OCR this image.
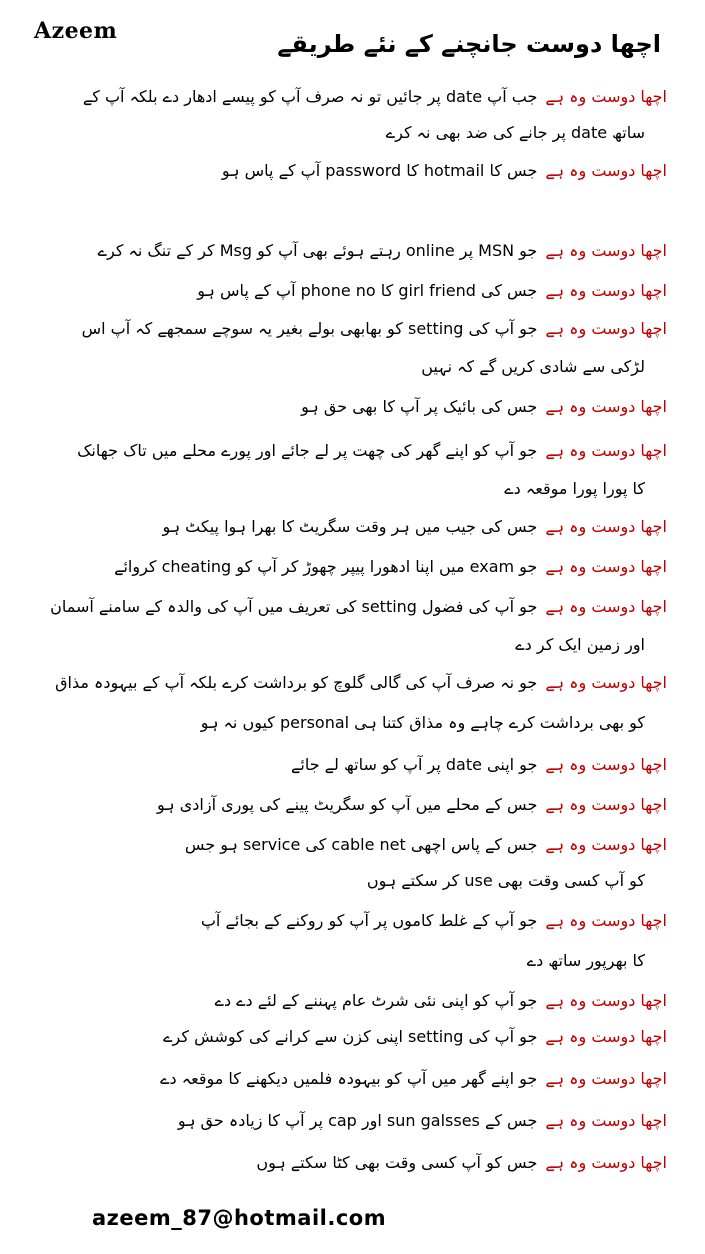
Azeem	اچھا دوست جانچنے کے نئے طریقے
اچھا دوست وہ ہےجب آپ date پر جائیں تو نہ صرف آپ کو پیسے ادھار دے بلکہ آپ کے
ساتھ date پر جانے کی ضد بھی نہ کرے
اچھا دوست وہ ہےجس کا hotmail کا password آپ کے پاس ہو
اچھا دوست وہ ہےجو MSN پر online رہتے ہوئے بھی آپ کو Msg کر کے تنگ نہ کرے
اچھا دوست وہ ہےجس کی girl friend کا phone no آپ کے پاس ہو
اچھا دوست وہ ہےجو آپ کی setting کو بھابھی بولے بغیر یہ سوچے سمجھے کہ آپ اس
لڑکی سے شادی کریں گے کہ نہیں
اچھا دوست وہ ہےجس کی بائیک پر آپ کا بھی حق ہو
اچھا دوست وہ ہےجو آپ کو اپنے گھر کی چھت پر لے جائے اور پورے محلے میں تاک جھانک
کا پورا پورا موقعہ دے
اچھا دوست وہ ہےجس کی جیب میں ہر وقت سگریٹ کا بھرا ہوا پیکٹ ہو
اچھا دوست وہ ہےجو exam میں اپنا ادھورا پیپر چھوڑ کر آپ کو cheating کروائے
اچھا دوست وہ ہےجو آپ کی فضول setting کی تعریف میں آپ کی والدہ کے سامنے آسمان
اور زمین ایک کر دے
اچھا دوست وہ ہےجو نہ صرف آپ کی گالی گلوچ کو برداشت کرے بلکہ آپ کے بیہودہ مذاق
کو بھی برداشت کرے چاہے وہ مذاق کتنا ہی personal کیوں نہ ہو
اچھا دوست وہ ہےجو اپنی date پر آپ کو ساتھ لے جائے
اچھا دوست وہ ہےجس کے محلے میں آپ کو سگریٹ پینے کی پوری آزادی ہو
اچھا دوست وہ ہےجس کے پاس اچھی cable net کی service ہو جس
کو آپ کسی وقت بھی use کر سکتے ہوں
اچھا دوست وہ ہےجو آپ کے غلط کاموں پر آپ کو روکنے کے بجائے آپ
کا بھرپور ساتھ دے
اچھا دوست وہ ہےجو آپ کو اپنی نئی شرٹ عام پہننے کے لئے دے دے
اچھا دوست وہ ہےجو آپ کی setting اپنی کزن سے کرانے کی کوشش کرے
اچھا دوست وہ ہےجو اپنے گھر میں آپ کو بیہودہ فلمیں دیکھنے کا موقعہ دے
اچھا دوست وہ ہےجس کے sun galsses اور cap پر آپ کا زیادہ حق ہو
اچھا دوست وہ ہےجس کو آپ کسی وقت بھی کٹا سکتے ہوں
azeem_87@hotmail.com
